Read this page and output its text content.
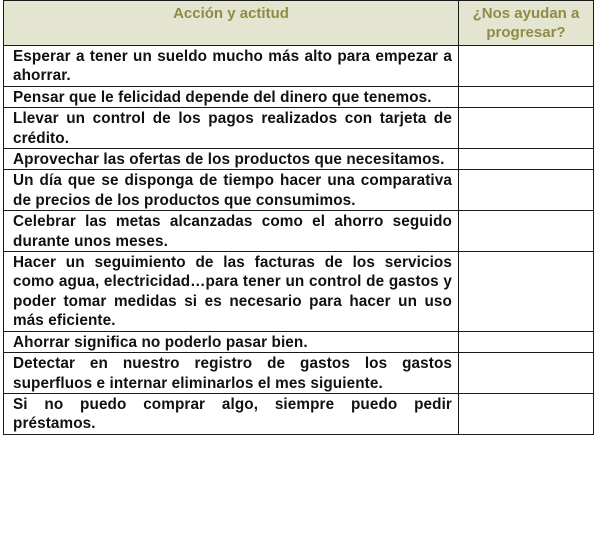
Acción y actitud	¿Nos ayudan a progresar?
Esperar a tener un sueldo mucho más alto para empezar a ahorrar.	
Pensar que le felicidad depende del dinero que tenemos.	
Llevar un control de los pagos realizados con tarjeta de crédito.	
Aprovechar las ofertas de los productos que necesitamos.	
Un día que se disponga de tiempo hacer una comparativa de precios de los productos que consumimos.	
Celebrar las metas alcanzadas como el ahorro seguido durante unos meses.	
Hacer un seguimiento de las facturas de los servicios como agua, electricidad…para tener un control de gastos y poder tomar medidas si es necesario para hacer un uso más eficiente.	
Ahorrar significa no poderlo pasar bien.	
Detectar en nuestro registro de gastos los gastos superfluos e internar eliminarlos el mes siguiente.	
Si no puedo comprar algo, siempre puedo pedir préstamos.	
